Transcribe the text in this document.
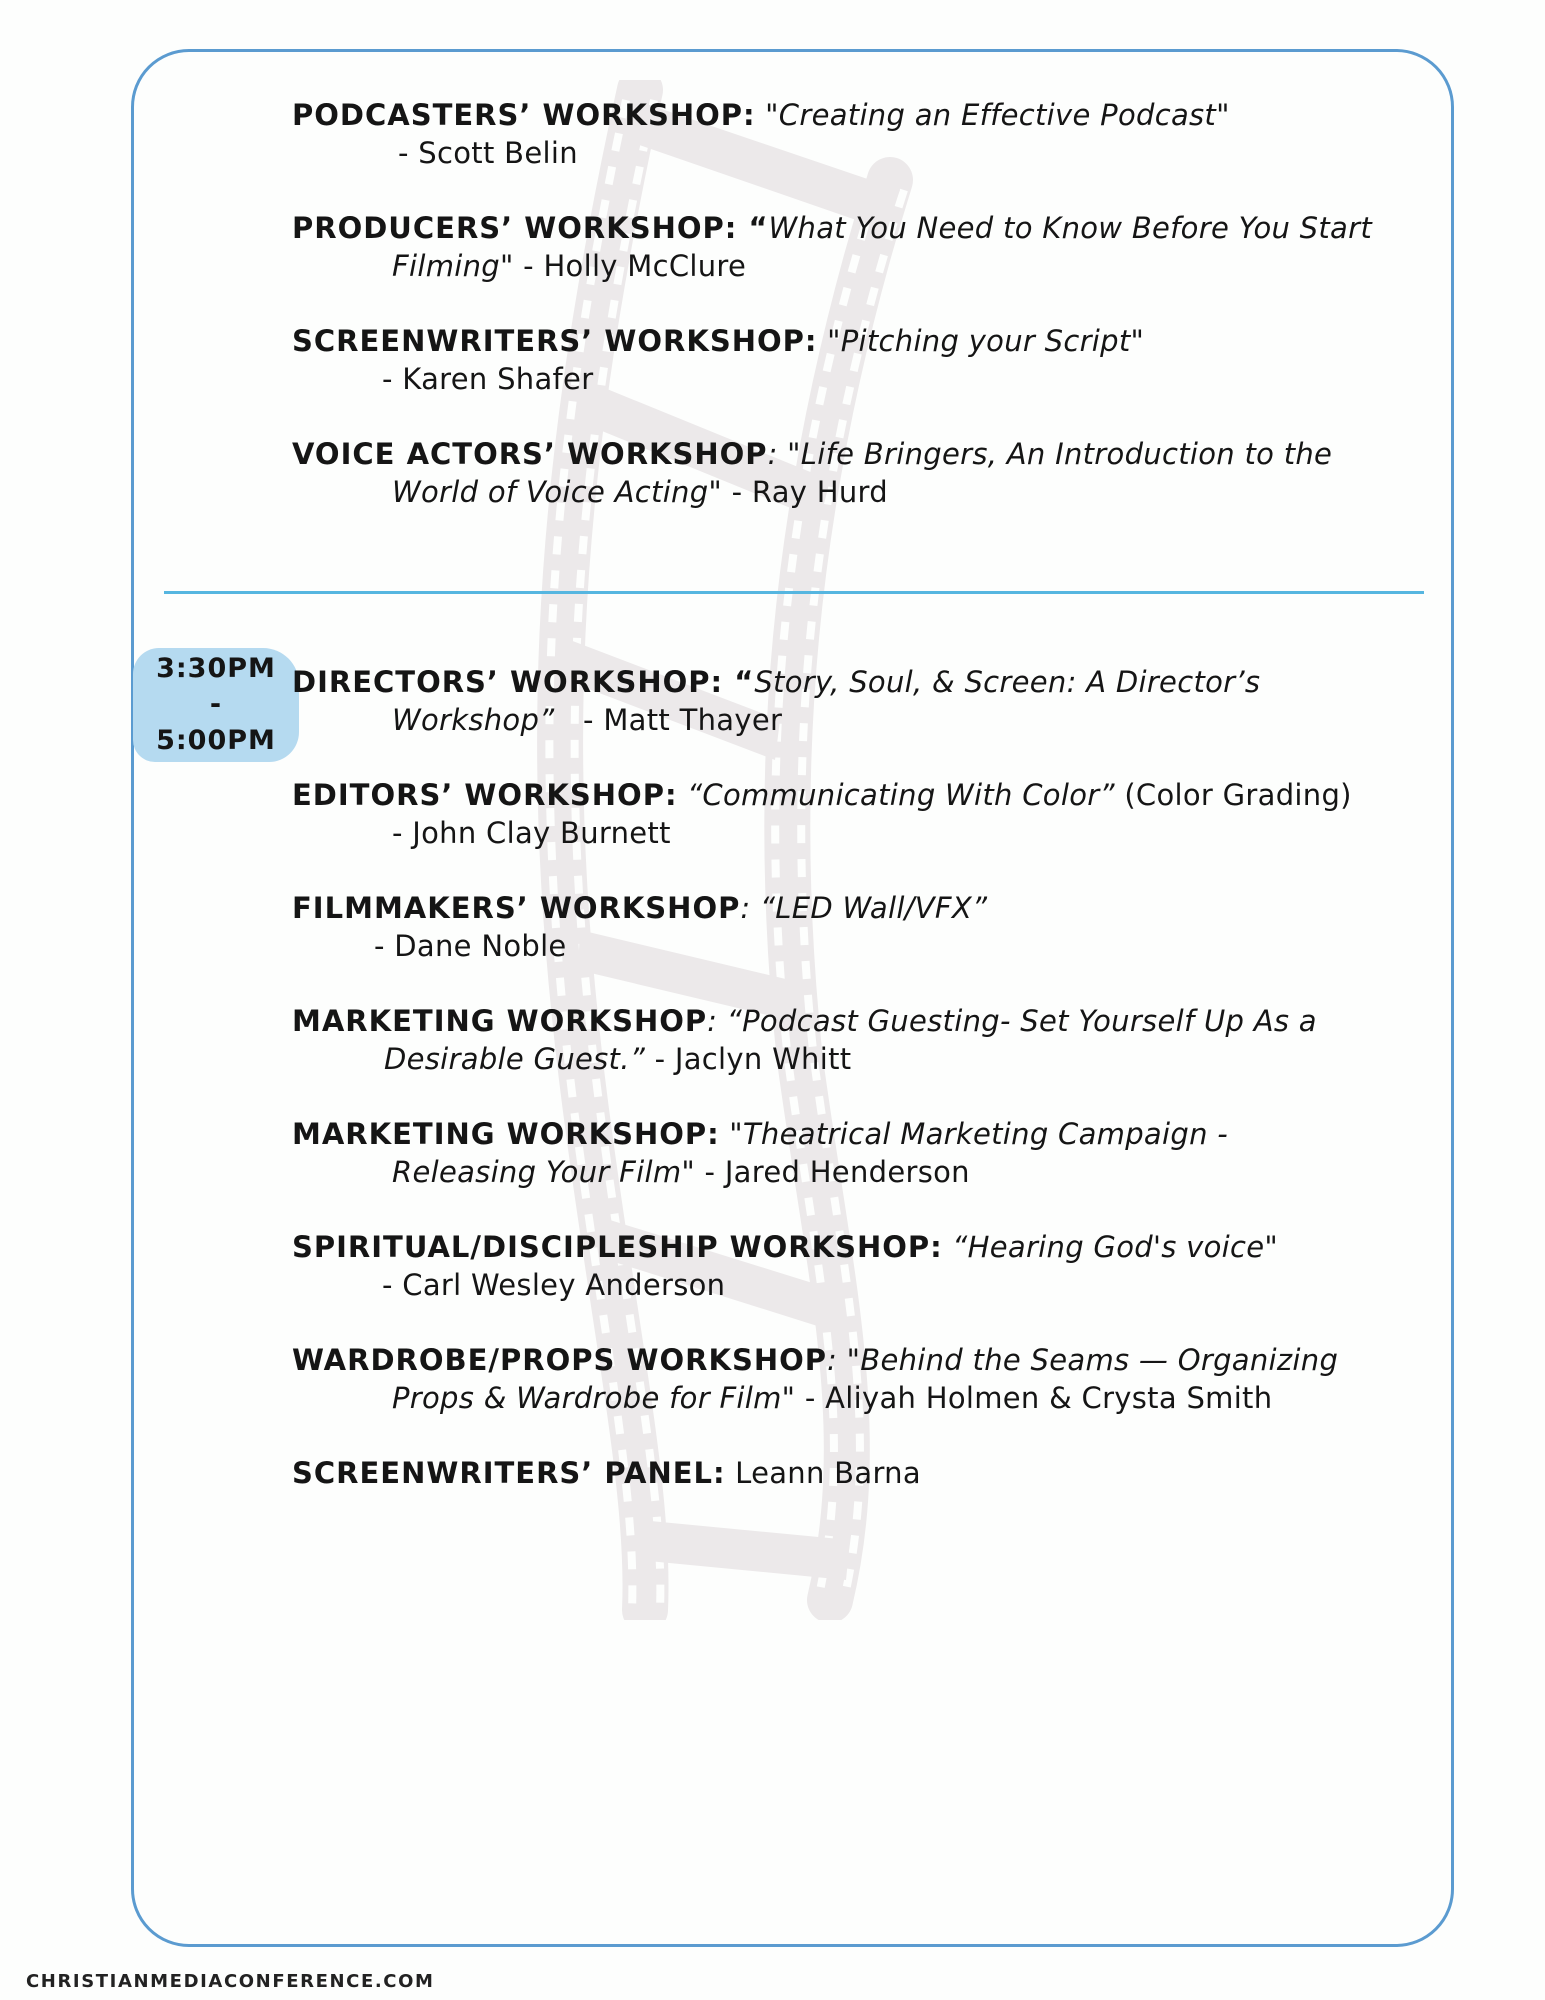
PODCASTERS’ WORKSHOP: "Creating an Effective Podcast"
- Scott Belin
PRODUCERS’ WORKSHOP: “What You Need to Know Before You Start
Filming" - Holly McClure
SCREENWRITERS’ WORKSHOP: "Pitching your Script"
- Karen Shafer
VOICE ACTORS’ WORKSHOP: "Life Bringers, An Introduction to the
World of Voice Acting" - Ray Hurd
3:30PM
-
5:00PM
DIRECTORS’ WORKSHOP: “Story, Soul, & Screen: A Director’s
Workshop”   - Matt Thayer
EDITORS’ WORKSHOP: “Communicating With Color” (Color Grading)
- John Clay Burnett
FILMMAKERS’ WORKSHOP: “LED Wall/VFX”
- Dane Noble
MARKETING WORKSHOP: “Podcast Guesting- Set Yourself Up As a
Desirable Guest.” - Jaclyn Whitt
MARKETING WORKSHOP: "Theatrical Marketing Campaign -
Releasing Your Film" - Jared Henderson
SPIRITUAL/DISCIPLESHIP WORKSHOP: “Hearing God's voice"
- Carl Wesley Anderson
WARDROBE/PROPS WORKSHOP: "Behind the Seams — Organizing
Props & Wardrobe for Film" - Aliyah Holmen & Crysta Smith
SCREENWRITERS’ PANEL: Leann Barna
CHRISTIANMEDIACONFERENCE.COM
